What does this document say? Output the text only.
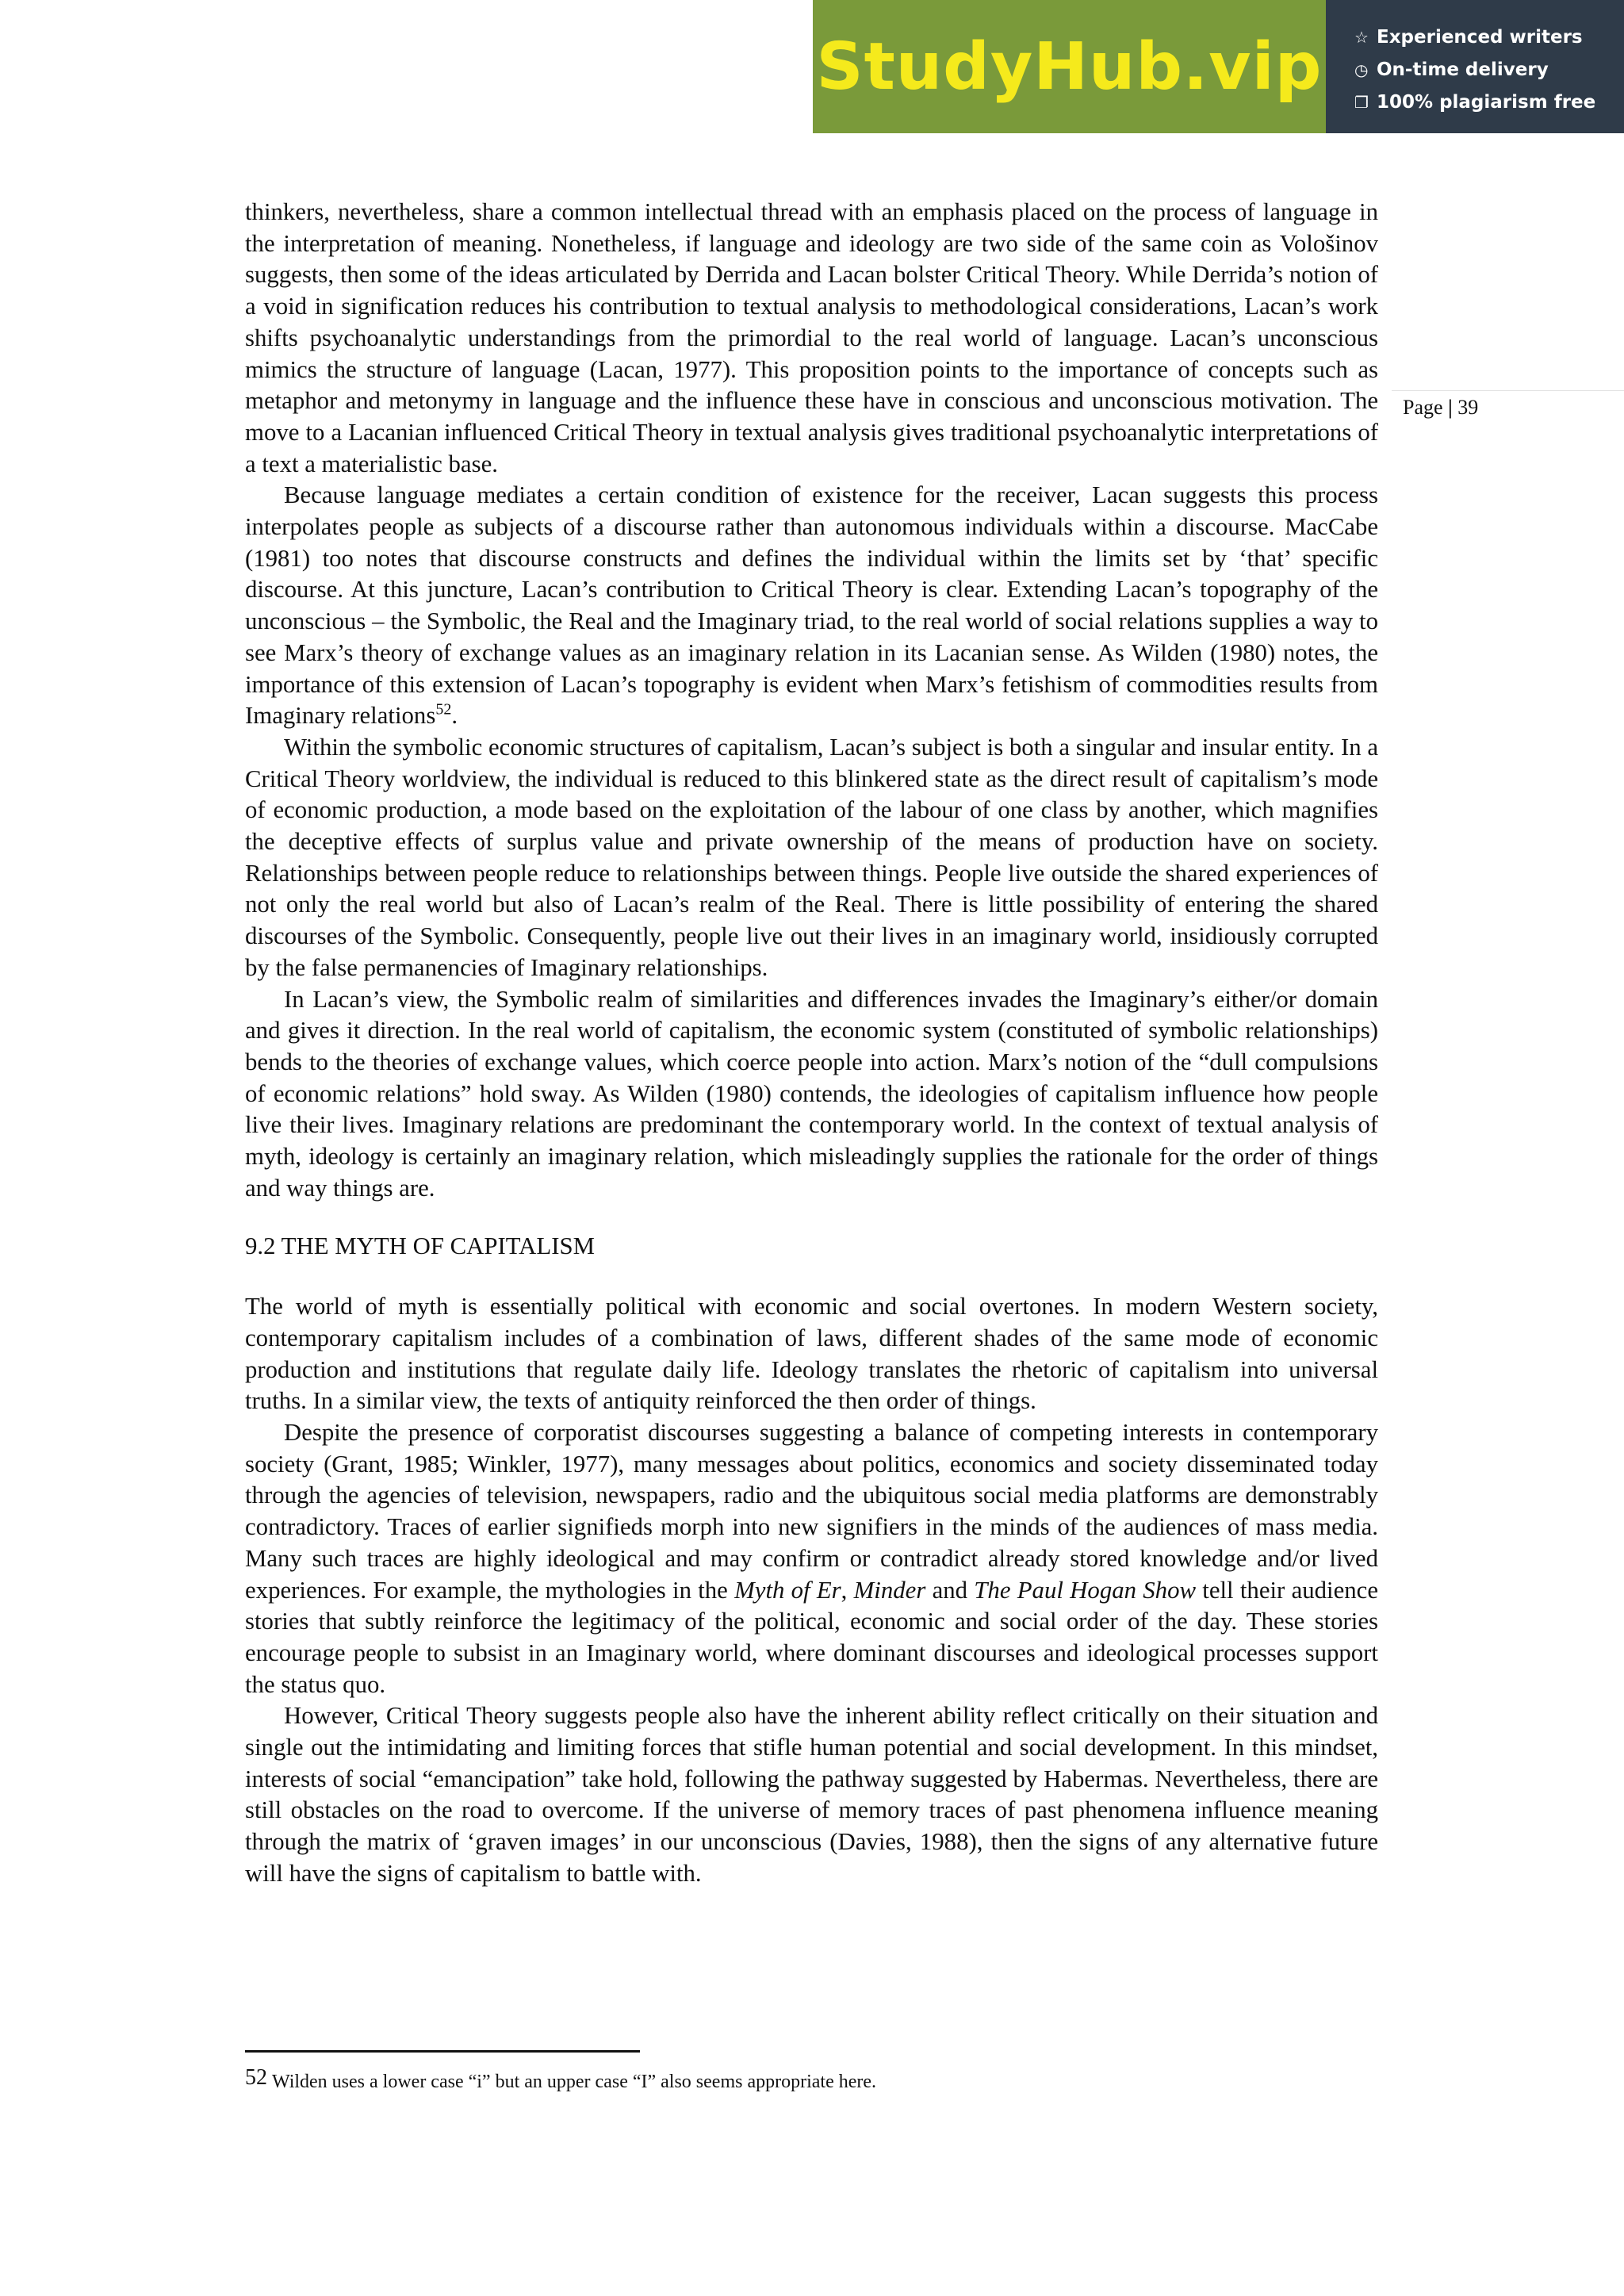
StudyHub.vip ☆ Experienced writers
◷ On-time delivery
❐ 100% plagiarism free
Page | 39

thinkers, nevertheless, share a common intellectual thread with an emphasis placed on the process of language in the interpretation of meaning. Nonetheless, if language and ideology are two side of the same coin as Vološinov suggests, then some of the ideas articulated by Derrida and Lacan bolster Critical Theory. While Derrida’s notion of a void in signification reduces his contribution to textual analysis to methodological considerations, Lacan’s work shifts psychoanalytic understandings from the primordial to the real world of language. Lacan’s unconscious mimics the structure of language (Lacan, 1977). This proposition points to the importance of concepts such as metaphor and metonymy in language and the influence these have in conscious and unconscious motivation. The move to a Lacanian influenced Critical Theory in textual analysis gives traditional psychoanalytic interpretations of a text a materialistic base.

Because language mediates a certain condition of existence for the receiver, Lacan suggests this process interpolates people as subjects of a discourse rather than autonomous individuals within a discourse. MacCabe (1981) too notes that discourse constructs and defines the individual within the limits set by ‘that’ specific discourse. At this juncture, Lacan’s contribution to Critical Theory is clear. Extending Lacan’s topography of the unconscious – the Symbolic, the Real and the Imaginary triad, to the real world of social relations supplies a way to see Marx’s theory of exchange values as an imaginary relation in its Lacanian sense. As Wilden (1980) notes, the importance of this extension of Lacan’s topography is evident when Marx’s fetishism of commodities results from Imaginary relations$^{52}$.

Within the symbolic economic structures of capitalism, Lacan’s subject is both a singular and insular entity. In a Critical Theory worldview, the individual is reduced to this blinkered state as the direct result of capitalism’s mode of economic production, a mode based on the exploitation of the labour of one class by another, which magnifies the deceptive effects of surplus value and private ownership of the means of production have on society. Relationships between people reduce to relationships between things. People live outside the shared experiences of not only the real world but also of Lacan’s realm of the Real. There is little possibility of entering the shared discourses of the Symbolic. Consequently, people live out their lives in an imaginary world, insidiously corrupted by the false permanencies of Imaginary relationships.

In Lacan’s view, the Symbolic realm of similarities and differences invades the Imaginary’s either/or domain and gives it direction. In the real world of capitalism, the economic system (constituted of symbolic relationships) bends to the theories of exchange values, which coerce people into action. Marx’s notion of the “dull compulsions of economic relations” hold sway. As Wilden (1980) contends, the ideologies of capitalism influence how people live their lives. Imaginary relations are predominant the contemporary world. In the context of textual analysis of myth, ideology is certainly an imaginary relation, which misleadingly supplies the rationale for the order of things and way things are.

9.2 THE MYTH OF CAPITALISM

The world of myth is essentially political with economic and social overtones. In modern Western society, contemporary capitalism includes of a combination of laws, different shades of the same mode of economic production and institutions that regulate daily life. Ideology translates the rhetoric of capitalism into universal truths. In a similar view, the texts of antiquity reinforced the then order of things.

Despite the presence of corporatist discourses suggesting a balance of competing interests in contemporary society (Grant, 1985; Winkler, 1977), many messages about politics, economics and society disseminated today through the agencies of television, newspapers, radio and the ubiquitous social media platforms are demonstrably contradictory. Traces of earlier signifieds morph into new signifiers in the minds of the audiences of mass media. Many such traces are highly ideological and may confirm or contradict already stored knowledge and/or lived experiences. For example, the mythologies in the Myth of Er, Minder and The Paul Hogan Show tell their audience stories that subtly reinforce the legitimacy of the political, economic and social order of the day. These stories encourage people to subsist in an Imaginary world, where dominant discourses and ideological processes support the status quo.

However, Critical Theory suggests people also have the inherent ability reflect critically on their situation and single out the intimidating and limiting forces that stifle human potential and social development. In this mindset, interests of social “emancipation” take hold, following the pathway suggested by Habermas. Nevertheless, there are still obstacles on the road to overcome. If the universe of memory traces of past phenomena influence meaning through the matrix of ‘graven images’ in our unconscious (Davies, 1988), then the signs of any alternative future will have the signs of capitalism to battle with.

52 Wilden uses a lower case “i” but an upper case “I” also seems appropriate here.
